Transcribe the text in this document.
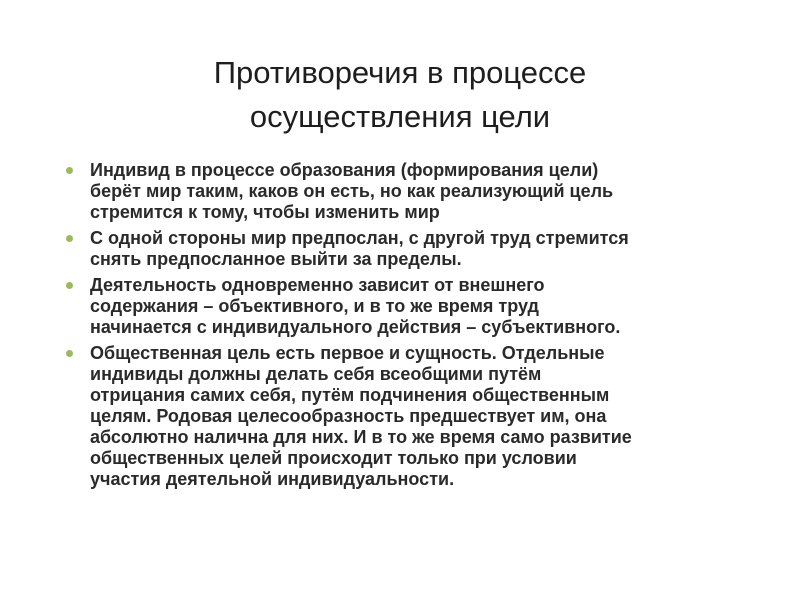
Противоречия в процессе
осуществления цели
Индивид в процессе образования (формирования цели)
берёт мир таким, каков он есть, но как реализующий цель
стремится к тому, чтобы изменить мир
С одной стороны мир предпослан, с другой труд стремится
снять предпосланное выйти за пределы.
Деятельность одновременно зависит от внешнего
содержания – объективного, и в то же время труд
начинается с индивидуального действия – субъективного.
Общественная цель есть первое и сущность. Отдельные
индивиды должны делать себя всеобщими путём
отрицания самих себя, путём подчинения общественным
целям. Родовая целесообразность предшествует им, она
абсолютно налична для них. И в то же время само развитие
общественных целей происходит только при условии
участия деятельной индивидуальности.
